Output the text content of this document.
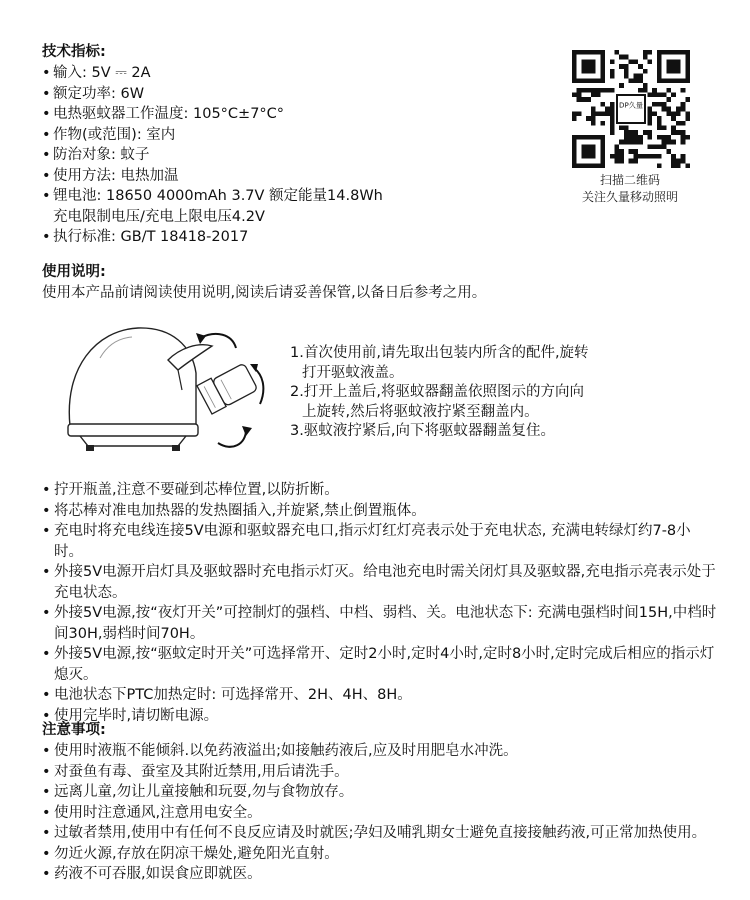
技术指标:
• 输入: 5V ⎓ 2A
• 额定功率: 6W
• 电热驱蚊器工作温度: 105°C±7°C°
• 作物(或范围): 室内
• 防治对象: 蚊子
• 使用方法: 电热加温
• 锂电池: 18650 4000mAh 3.7V 额定能量14.8Wh
充电限制电压/充电上限电压4.2V
• 执行标准: GB/T 18418-2017
DP久量
扫描二维码
关注久量移动照明
使用说明:

使用本产品前请阅读使用说明,阅读后请妥善保管,以备日后参考之用。

1.首次使用前,请先取出包装内所含的配件,旋转
打开驱蚊液盖。
2.打开上盖后,将驱蚊器翻盖依照图示的方向向
上旋转,然后将驱蚊液拧紧至翻盖内。
3.驱蚊液拧紧后,向下将驱蚊器翻盖复住。
• 拧开瓶盖,注意不要碰到芯棒位置,以防折断。
• 将芯棒对准电加热器的发热圈插入,并旋紧,禁止倒置瓶体。
• 充电时将充电线连接5V电源和驱蚊器充电口,指示灯红灯亮表示处于充电状态, 充满电转绿灯约7-8小时。
• 外接5V电源开启灯具及驱蚊器时充电指示灯灭。给电池充电时需关闭灯具及驱蚊器,充电指示亮表示处于充电状态。
• 外接5V电源,按“夜灯开关”可控制灯的强档、中档、弱档、关。电池状态下: 充满电强档时间15H,中档时间30H,弱档时间70H。
• 外接5V电源,按“驱蚊定时开关”可选择常开、定时2小时,定时4小时,定时8小时,定时完成后相应的指示灯熄灭。
• 电池状态下PTC加热定时: 可选择常开、2H、4H、8H。
• 使用完毕时,请切断电源。
注意事项:
• 使用时液瓶不能倾斜.以免药液溢出;如接触药液后,应及时用肥皂水冲洗。
• 对蚕鱼有毒、蚕室及其附近禁用,用后请洗手。
• 远离儿童,勿让儿童接触和玩耍,勿与食物放存。
• 使用时注意通风,注意用电安全。
• 过敏者禁用,使用中有任何不良反应请及时就医;孕妇及哺乳期女士避免直接接触药液,可正常加热使用。
• 勿近火源,存放在阴凉干燥处,避免阳光直射。
• 药液不可吞服,如误食应即就医。
